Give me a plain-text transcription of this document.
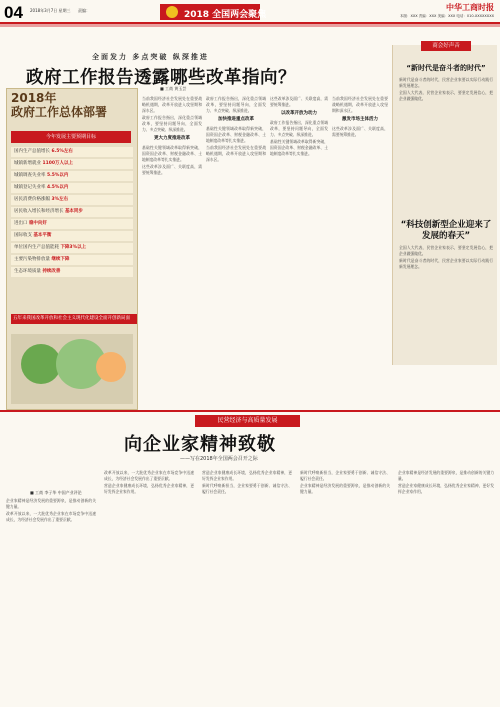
04 2018年3月7日 星期三 责编：	2018 全国两会聚焦
中华工商时报
本版：XXX 责编：XXX 美编：XXX 电话：010-XXXXXXXX
全面发力 多点突破 纵深推进
政府工作报告透露哪些改革指向？
2018年
政府工作总体部署
今年发展主要预期目标
国内生产总值增长 6.5%左右
城镇新增就业 1100万人以上
城镇调查失业率 5.5%以内
城镇登记失业率 4.5%以内
居民消费价格涨幅 3%左右
居民收入增长和经济增长 基本同步
进出口 稳中向好
国际收支 基本平衡
单位国内生产总值能耗 下降3%以上
主要污染物排放量 继续下降
生态环境质量 持续改善
五年来我国改革开放和社会主义现代化建设全面开创新局面
■ 工商 黄玉芸

当前我国经济社会发展处在重要战略机遇期，改革开放进入攻坚期和深水区。

政府工作报告指出，深化重点领域改革，要坚持问题导向，全面发力、多点突破、纵深推进。

更大力度推进改革

基础性关键领域改革取得新突破，国资国企改革、财税金融改革、土地制度改革等扎实推进。

这些改革涉及面广、关联度高，需要统筹推进。

政府工作报告指出，深化重点领域改革，要坚持问题导向，全面发力、多点突破、纵深推进。

加快推进重点改革

基础性关键领域改革取得新突破，国资国企改革、财税金融改革、土地制度改革等扎实推进。

当前我国经济社会发展处在重要战略机遇期，改革开放进入攻坚期和深水区。

这些改革涉及面广、关联度高，需要统筹推进。

以改革开放为动力

政府工作报告指出，深化重点领域改革，要坚持问题导向，全面发力、多点突破、纵深推进。

基础性关键领域改革取得新突破，国资国企改革、财税金融改革、土地制度改革等扎实推进。

当前我国经济社会发展处在重要战略机遇期，改革开放进入攻坚期和深水区。

激发市场主体活力

这些改革涉及面广、关联度高，需要统筹推进。

商会好声音
“新时代是奋斗者的时代”

新时代是奋斗者的时代，民营企业家要以实际行动践行新发展理念。

全国人大代表、民营企业家表示，要坚定发展信心，把企业做强做优。

“科技创新型企业迎来了发展的春天”

全国人大代表、民营企业家表示，要坚定发展信心，把企业做强做优。

新时代是奋斗者的时代，民营企业家要以实际行动践行新发展理念。

民营经济与高质量发展
向企业家精神致敬
——写在2018年全国两会召开之际
■ 工商 李子华 中国产业评论

企业家精神是经济发展的重要源泉，是推动创新的关键力量。

改革开放以来，一大批优秀企业家在市场竞争中迅速成长，为经济社会发展作出了重要贡献。

改革开放以来，一大批优秀企业家在市场竞争中迅速成长，为经济社会发展作出了重要贡献。

营造企业家健康成长环境，弘扬优秀企业家精神，更好发挥企业家作用。

营造企业家健康成长环境，弘扬优秀企业家精神，更好发挥企业家作用。

新时代呼唤新担当，企业家要勇于创新、诚信守法、履行社会责任。

新时代呼唤新担当，企业家要勇于创新、诚信守法、履行社会责任。

企业家精神是经济发展的重要源泉，是推动创新的关键力量。

企业家精神是经济发展的重要源泉，是推动创新的关键力量。

营造企业家健康成长环境，弘扬优秀企业家精神，更好发挥企业家作用。
